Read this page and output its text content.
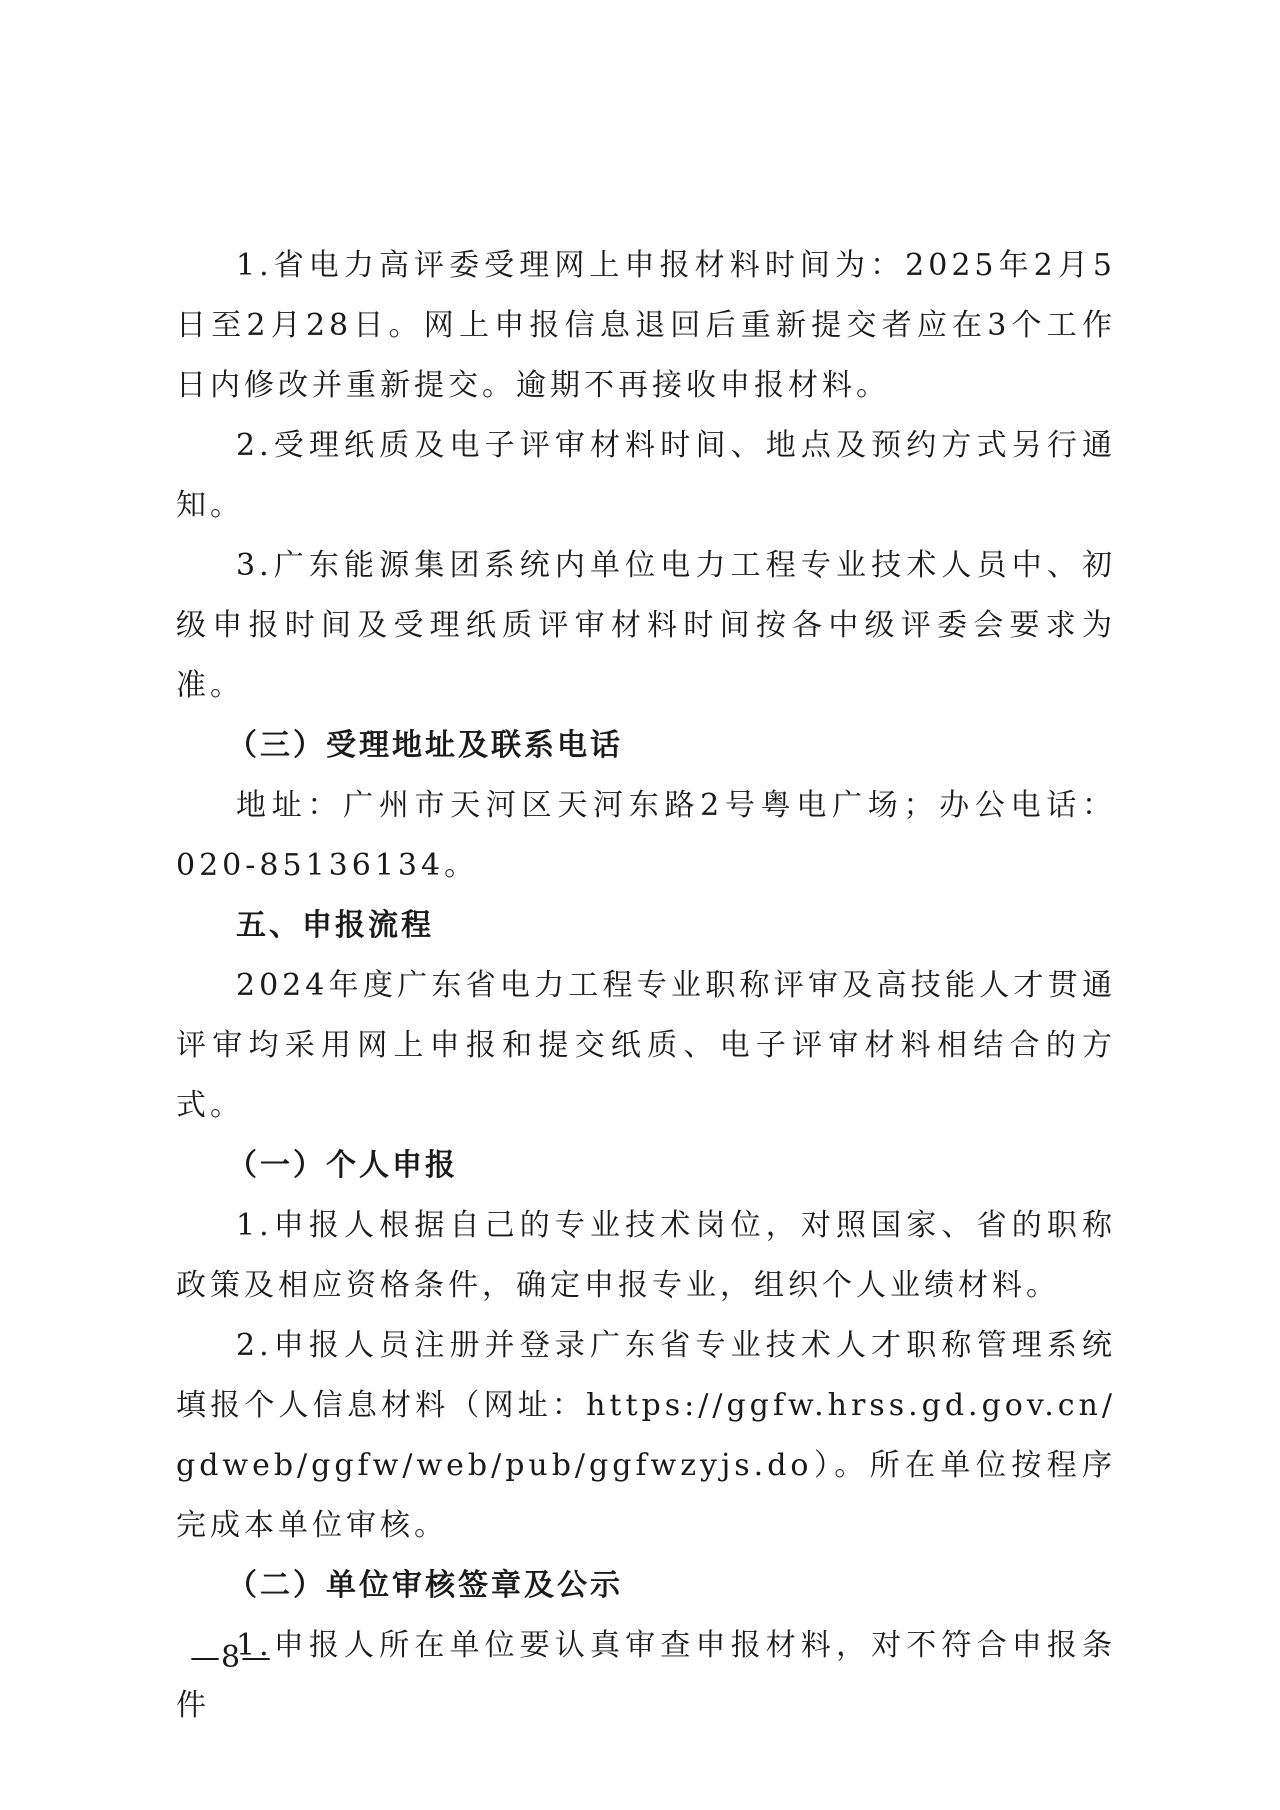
1.省电力高评委受理网上申报材料时间为：2025年2月5日至2月28日。网上申报信息退回后重新提交者应在3个工作日内修改并重新提交。逾期不再接收申报材料。

2.受理纸质及电子评审材料时间、地点及预约方式另行通知。

3.广东能源集团系统内单位电力工程专业技术人员中、初级申报时间及受理纸质评审材料时间按各中级评委会要求为准。

（三）受理地址及联系电话

地址：广州市天河区天河东路2号粤电广场；办公电话：020-85136134。

五、申报流程

2024年度广东省电力工程专业职称评审及高技能人才贯通评审均采用网上申报和提交纸质、电子评审材料相结合的方式。

（一）个人申报

1.申报人根据自己的专业技术岗位，对照国家、省的职称政策及相应资格条件，确定申报专业，组织个人业绩材料。

2.申报人员注册并登录广东省专业技术人才职称管理系统填报个人信息材料（网址：https://ggfw.hrss.gd.gov.cn/gdweb/ggfw/web/pub/ggfwzyjs.do）。所在单位按程序完成本单位审核。

（二）单位审核签章及公示

1.申报人所在单位要认真审查申报材料，对不符合申报条件

—8—
